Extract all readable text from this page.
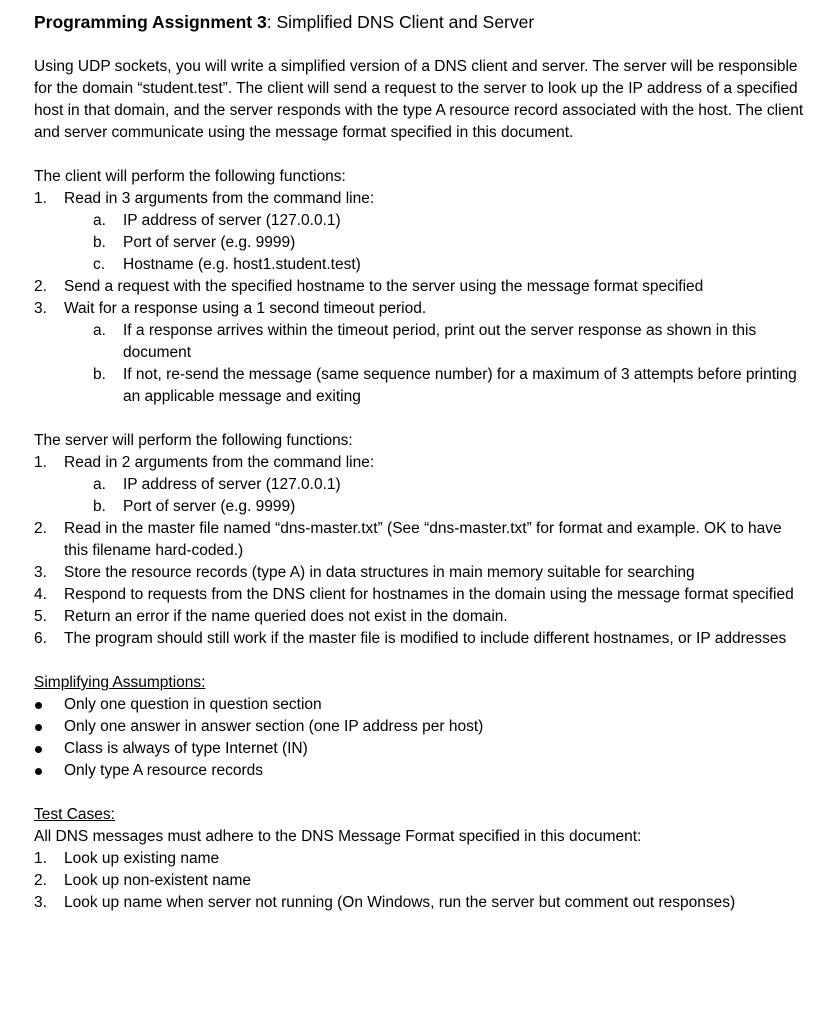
Programming Assignment 3: Simplified DNS Client and Server

Using UDP sockets, you will write a simplified version of a DNS client and server. The server will be responsible for the domain “student.test”. The client will send a request to the server to look up the IP address of a specified host in that domain, and the server responds with the type A resource record associated with the host. The client and server communicate using the message format specified in this document.

The client will perform the following functions:

1. Read in 3 arguments from the command line:
a. IP address of server (127.0.0.1)
b. Port of server (e.g. 9999)
c. Hostname (e.g. host1.student.test)
2. Send a request with the specified hostname to the server using the message format specified
3. Wait for a response using a 1 second timeout period.
a. If a response arrives within the timeout period, print out the server response as shown in this document
b. If not, re-send the message (same sequence number) for a maximum of 3 attempts before printing an applicable message and exiting

The server will perform the following functions:

1. Read in 2 arguments from the command line:
a. IP address of server (127.0.0.1)
b. Port of server (e.g. 9999)
2. Read in the master file named “dns-master.txt” (See “dns-master.txt” for format and example. OK to have this filename hard-coded.)
3. Store the resource records (type A) in data structures in main memory suitable for searching
4. Respond to requests from the DNS client for hostnames in the domain using the message format specified
5. Return an error if the name queried does not exist in the domain.
6. The program should still work if the master file is modified to include different hostnames, or IP addresses

Simplifying Assumptions:

Only one question in question section
Only one answer in answer section (one IP address per host)
Class is always of type Internet (IN)
Only type A resource records

Test Cases:

All DNS messages must adhere to the DNS Message Format specified in this document:

1. Look up existing name
2. Look up non-existent name
3. Look up name when server not running (On Windows, run the server but comment out responses)
